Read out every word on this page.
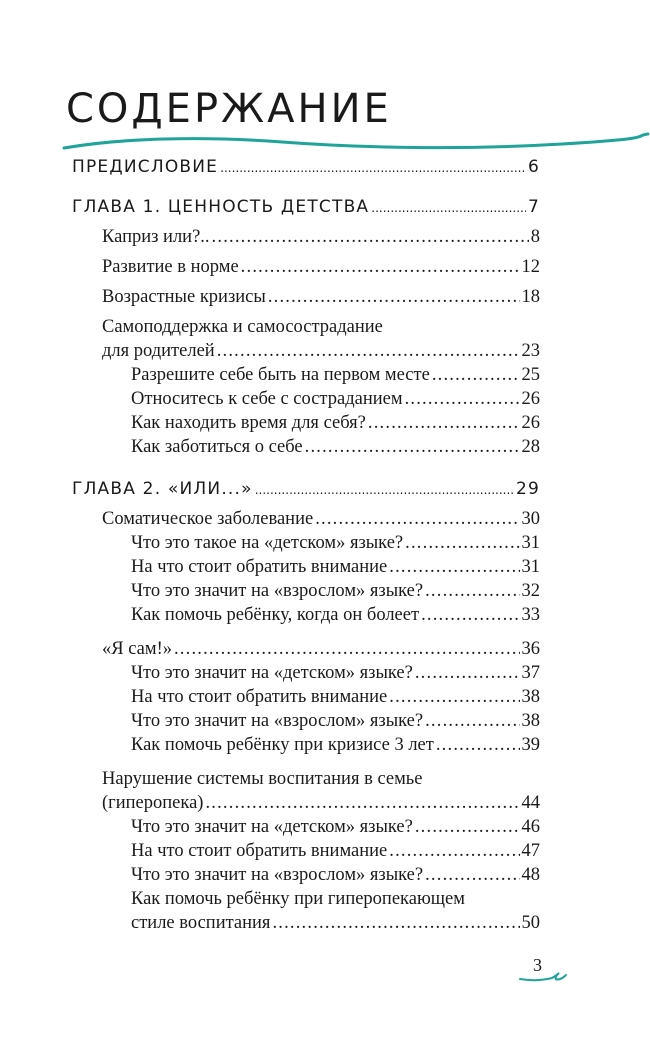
СОДЕРЖАНИЕ
ПРЕДИСЛОВИЕ .....	6
ГЛАВА 1. ЦЕННОСТЬ ДЕТСТВА .....	7
Каприз или?.. .....	8
Развитие в норме .....	12
Возрастные кризисы .....	18
Самоподдержка и самосострадание
для родителей .....	23
Разрешите себе быть на первом месте .....	25
Относитесь к себе с состраданием .....	26
Как находить время для себя? .....	26
Как заботиться о себе .....	28
ГЛАВА 2. «ИЛИ...» .....	29
Соматическое заболевание .....	30
Что это такое на «детском» языке? .....	31
На что стоит обратить внимание .....	31
Что это значит на «взрослом» языке? .....	32
Как помочь ребёнку, когда он болеет .....	33
«Я сам!» .....	36
Что это значит на «детском» языке? .....	37
На что стоит обратить внимание .....	38
Что это значит на «взрослом» языке? .....	38
Как помочь ребёнку при кризисе 3 лет .....	39
Нарушение системы воспитания в семье
(гиперопека) .....	44
Что это значит на «детском» языке? .....	46
На что стоит обратить внимание .....	47
Что это значит на «взрослом» языке? .....	48
Как помочь ребёнку при гиперопекающем
стиле воспитания .....	50
3
